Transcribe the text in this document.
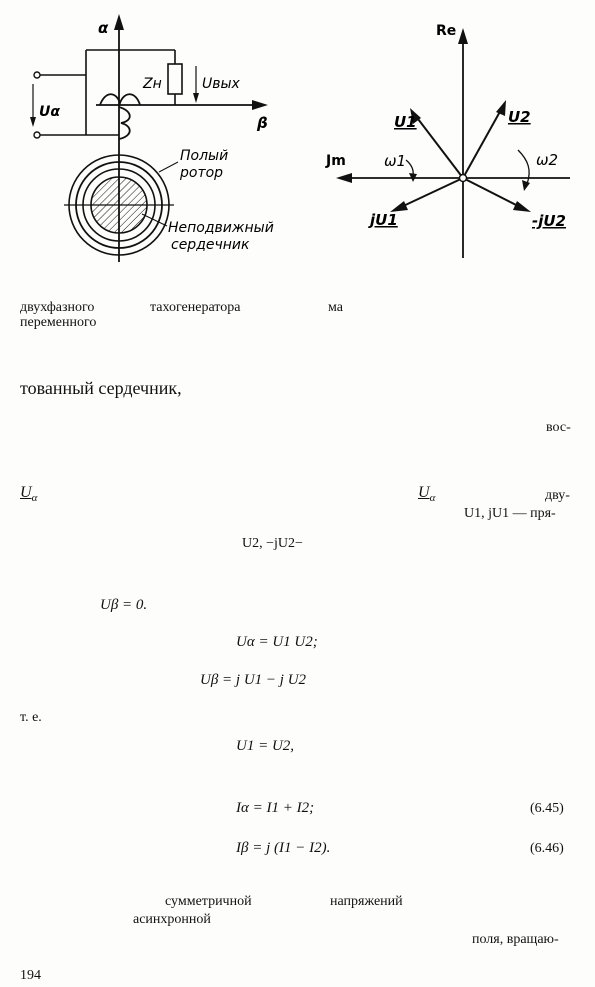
α
β
Uα
Zн	Uвых
Полый
ротор
Неподвижный
сердечник
Re
Jm
U1	U2
ω1	ω2
jU1	-jU2
двухфазного	тахогенератора	ма
переменного
тованный сердечник,
вос-
$U_\alpha$	$U_\alpha$	дву-
U1, jU1 — пря-
U2, −jU2−
Uβ = 0.
Uα = U1 U2;
Uβ = j U1 − j U2
т. е.
U1 = U2,
Iα = I1 + I2;	(6.45)
Iβ = j (I1 − I2).	(6.46)
сумметричной	напряжений
асинхронной
поля, вращаю-
194
